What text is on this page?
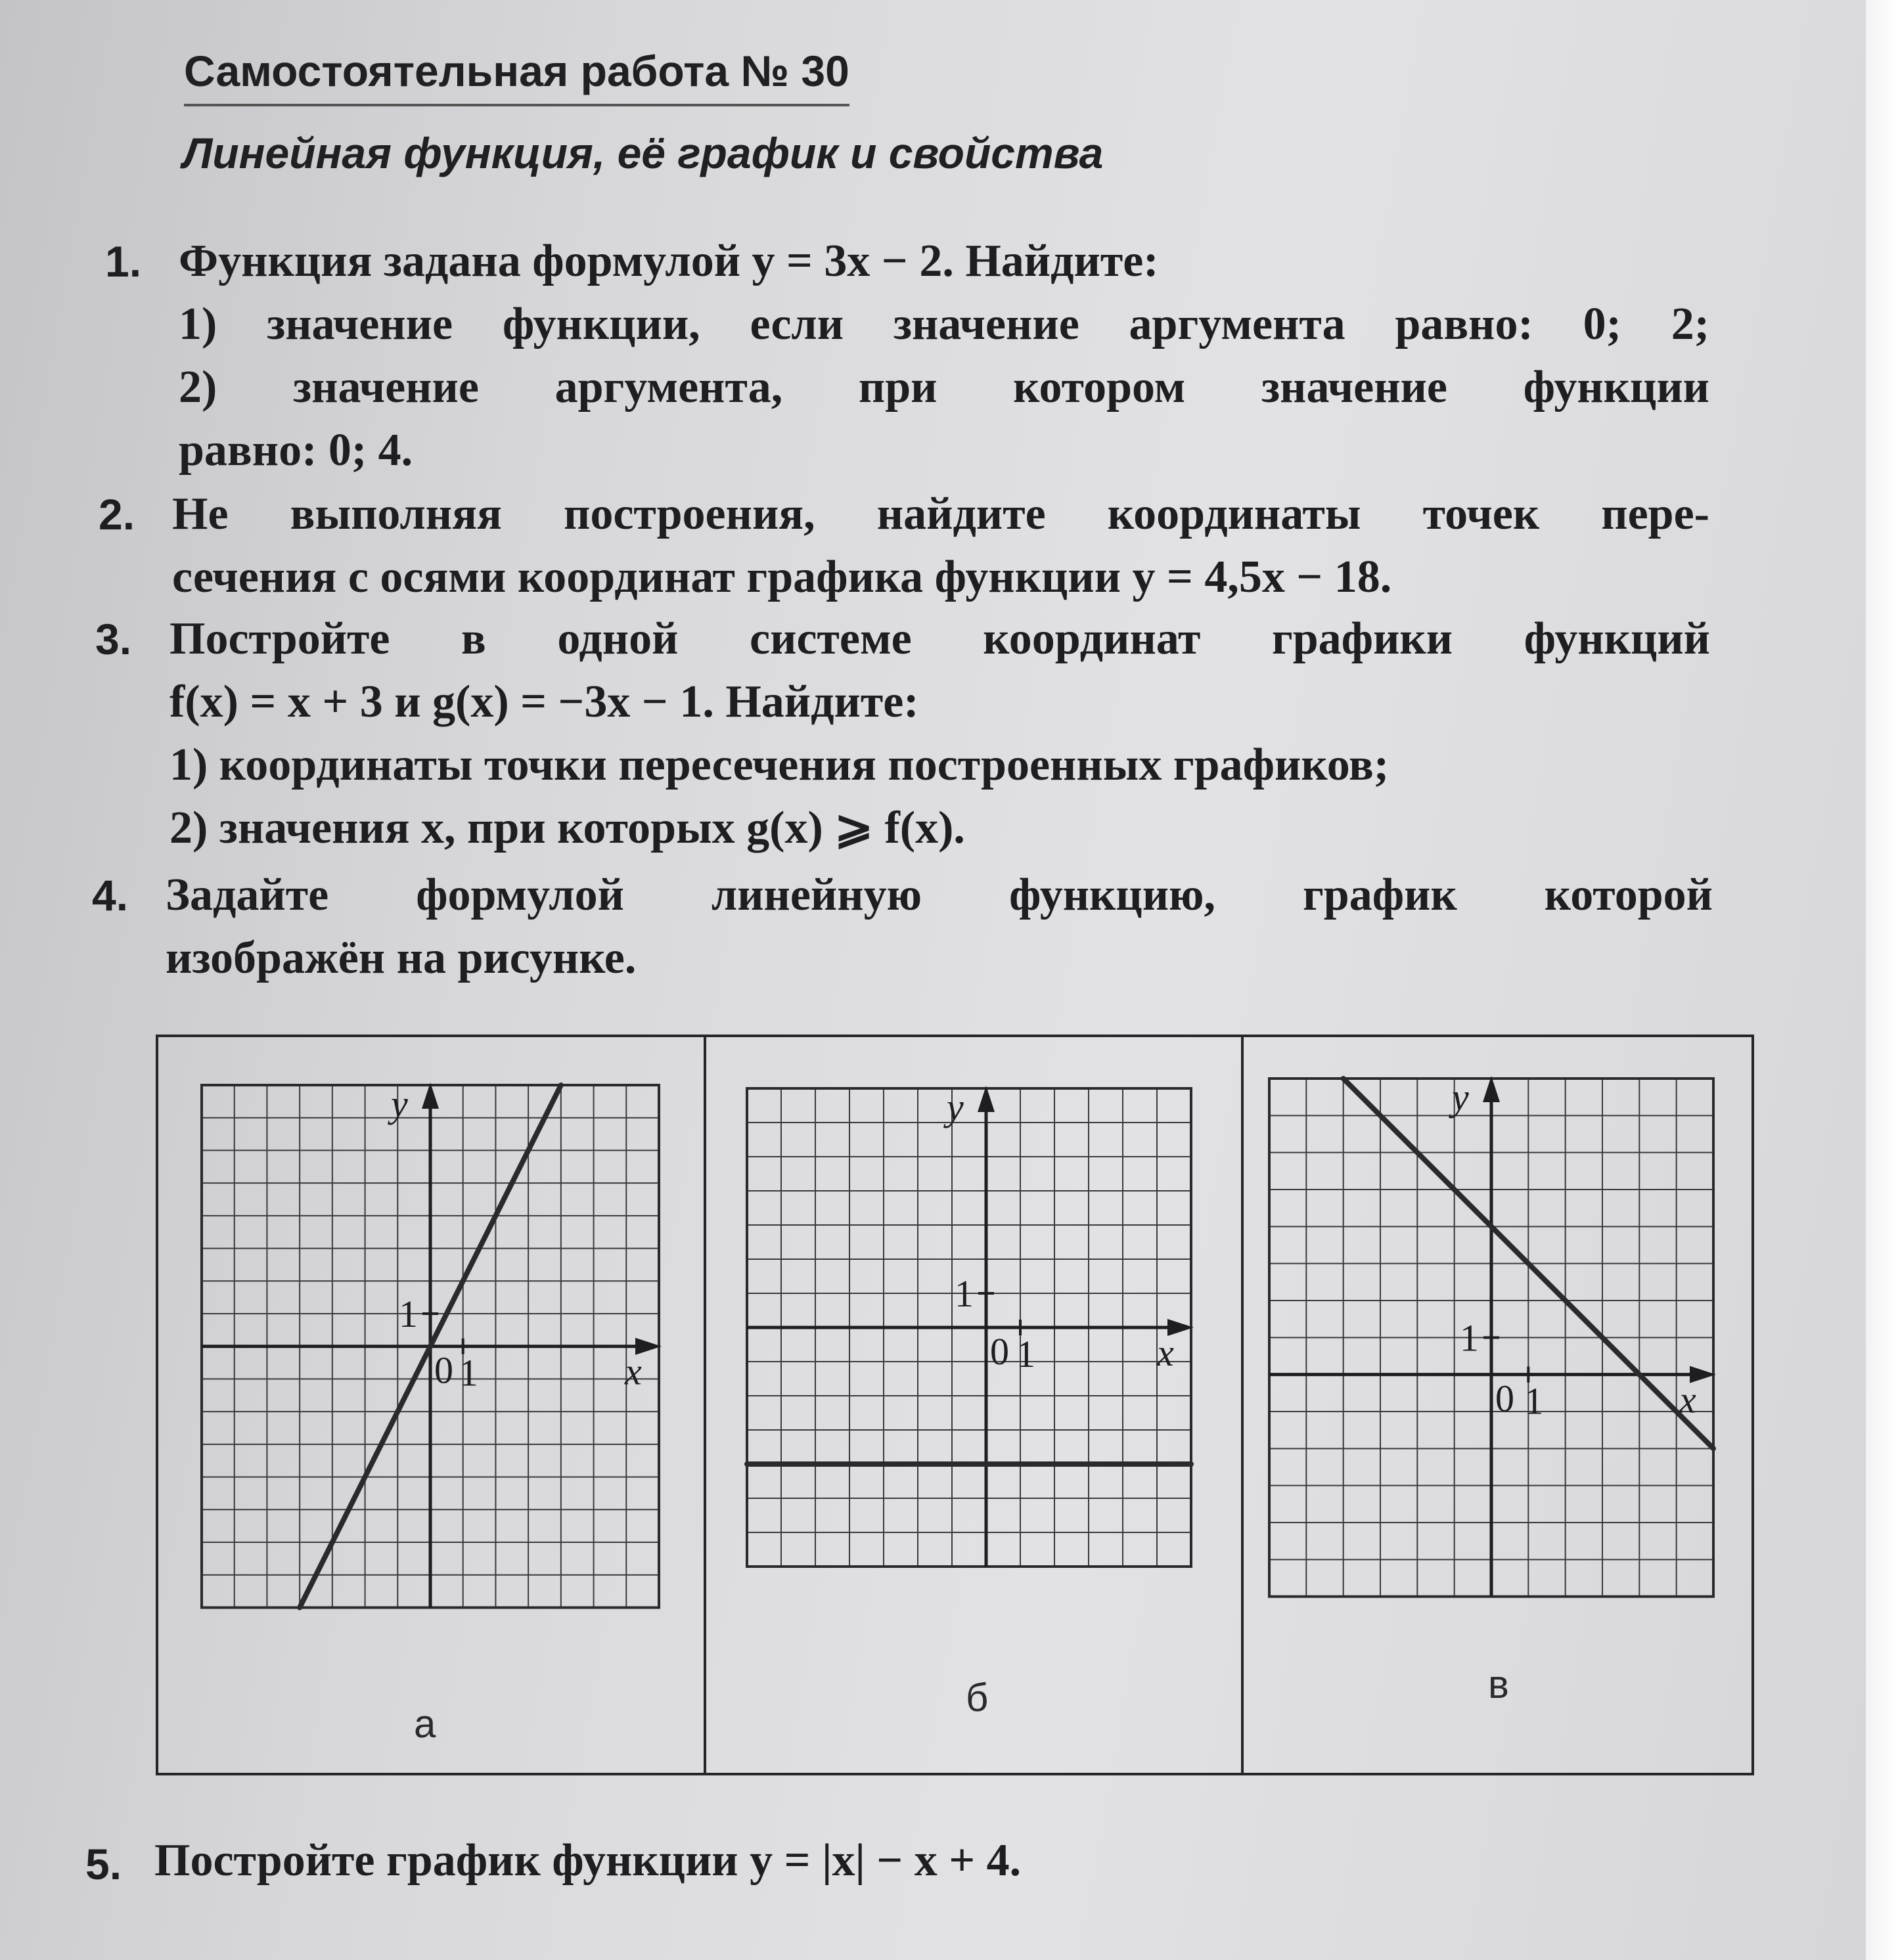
Самостоятельная работа № 30
Линейная функция, её график и свойства
1. Функция задана формулой y = 3x − 2. Найдите:
1) значение функции, если значение аргумента равно: 0; 2;
2) значение аргумента, при котором значение функции
равно: 0; 4.
2. Не выполняя построения, найдите координаты точек пере-
сечения с осями координат графика функции y = 4,5x − 18.
3. Постройте в одной системе координат графики функций
f(x) = x + 3 и g(x) = −3x − 1. Найдите:
1) координаты точки пересечения построенных графиков;
2) значения x, при которых g(x) ⩾ f(x).
4. Задайте формулой линейную функцию, график которой
изображён на рисунке.
y
x
0 1
1
y
x
0 1
1
y
x
0 1
1
а
б	в
5. Постройте график функции y = |x| − x + 4.
